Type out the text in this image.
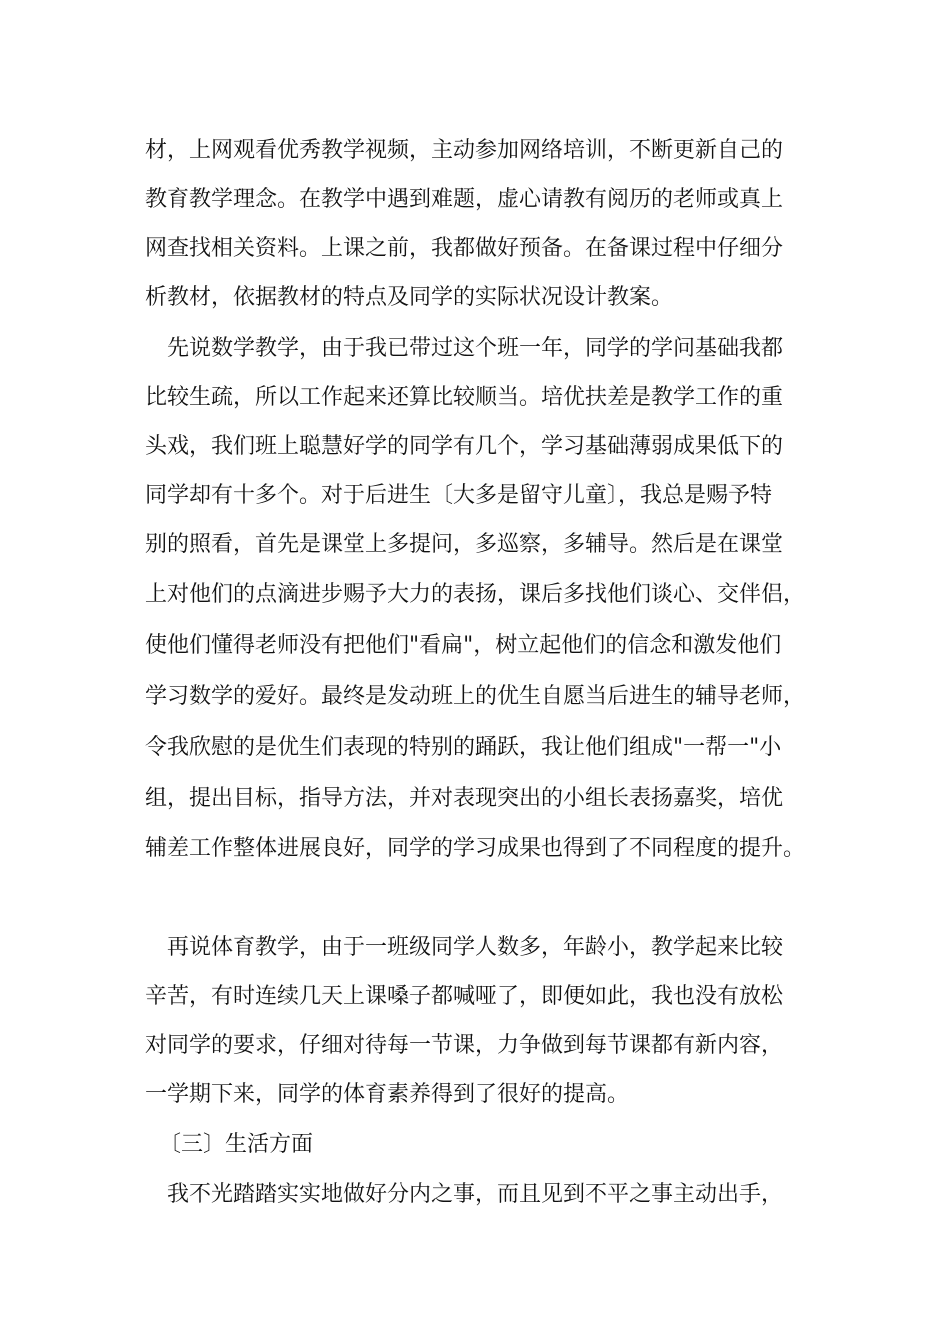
材，上网观看优秀教学视频，主动参加网络培训，不断更新自己的
教育教学理念。在教学中遇到难题，虚心请教有阅历的老师或真上
网查找相关资料。上课之前，我都做好预备。在备课过程中仔细分
析教材，依据教材的特点及同学的实际状况设计教案。
先说数学教学，由于我已带过这个班一年，同学的学问基础我都
比较生疏，所以工作起来还算比较顺当。培优扶差是教学工作的重
头戏，我们班上聪慧好学的同学有几个，学习基础薄弱成果低下的
同学却有十多个。对于后进生〔大多是留守儿童〕，我总是赐予特
别的照看，首先是课堂上多提问，多巡察，多辅导。然后是在课堂
上对他们的点滴进步赐予大力的表扬，课后多找他们谈心、交伴侣，
使他们懂得老师没有把他们"看扁"，树立起他们的信念和激发他们
学习数学的爱好。最终是发动班上的优生自愿当后进生的辅导老师，
令我欣慰的是优生们表现的特别的踊跃，我让他们组成"一帮一"小
组，提出目标，指导方法，并对表现突出的小组长表扬嘉奖，培优
辅差工作整体进展良好，同学的学习成果也得到了不同程度的提升。
再说体育教学，由于一班级同学人数多，年龄小，教学起来比较
辛苦，有时连续几天上课嗓子都喊哑了，即便如此，我也没有放松
对同学的要求，仔细对待每一节课，力争做到每节课都有新内容，
一学期下来，同学的体育素养得到了很好的提高。
〔三〕生活方面
我不光踏踏实实地做好分内之事，而且见到不平之事主动出手，
